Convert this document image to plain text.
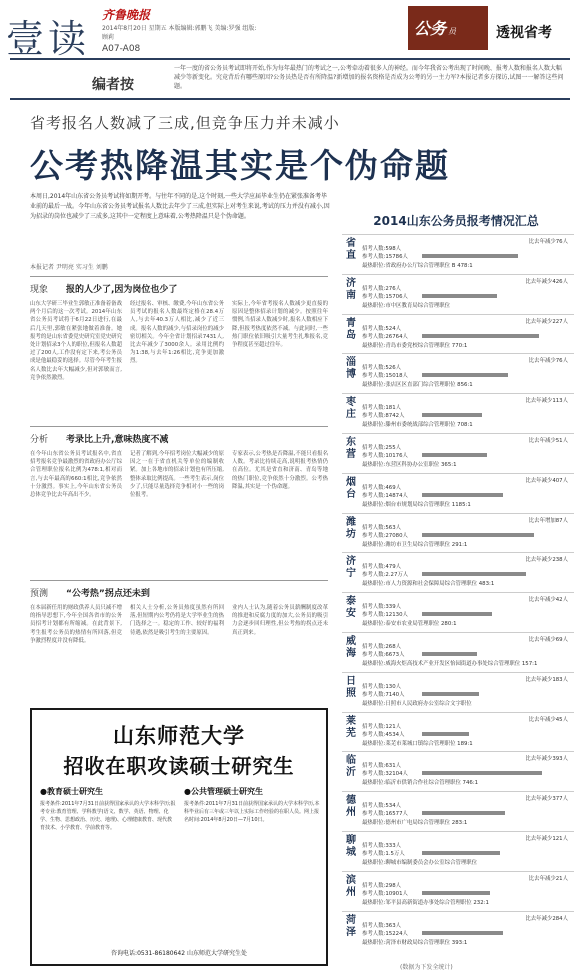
壹读
齐鲁晚报
2014年8月20日 星期五 本版编辑:郭鹏飞 美编:罗强 组版:顾莉
A07-A08
公务 员	透视省考
编者按
一年一度的省公务员考试即将开始,作为每年最热门的考试之一,公考牵动着很多人的神经。而今年我省公考出现了时间晚、报考人数和报名人数大幅减少等新变化。究竟背后有哪些原因?公务员热是否有所降温?新增加的报名资格是否成为公考的另一主力军?本报记者多方探访,试图一一解答这些问题。
省考报名人数减了三成,但竞争压力并未减小
公考热降温其实是个伪命题
本周日,2014年山东省公务员考试将如期开考。与往年不同的是,这个时刻,一些大学应届毕业生仍在紧张准备考毕业前的最后一战。今年山东省公务员考试报名人数比去年少了三成,但实际上对考生来说,考试的压力并没有减小,因为招录的岗位也减少了三成多,这其中一定程度上意味着,公考热降温只是个伪命题。
本报记者 尹明亮 实习生 刘鹏
现象 报的人少了,因为岗位也少了
山东大学研三毕业生郭敏正准备着备战两个月后的这一次考试。2014年山东省公务员考试将于6月22日进行,在最后几天里,郭敏在紧张地做着准备。她报考的是山东省委党史研究室党史研究处计划招录3个人的职位,但报名人数超过了200人,工作没有定下来,考公务员成是他最稳妥的选择。尽管今年考生报名人数比去年大幅减少,但对郭敏而言,竞争依然激烈。
经过报名、审核、缴费,今年山东省公务员考试的报名人数最终定格在28.4万人,与去年40.3万人相比,减少了近三成。报名人数的减少,与招录岗位的减少密切相关。今年全省计划招录7431人,比去年减少了3000余人。录用比例约为1:38,与去年1:26相比,竞争更加激烈。
实际上,今年省考报名人数减少更直接的原因是整体招录计划的减少。按照往年惯例,当招录人数减少时,报名人数相应下降,但报考热度依然不减。与此同时,一些热门职位依旧吸引大量考生扎堆报名,竞争程度甚至超过往年。
分析 考录比上升,意味热度不减
在今年山东省公务员考试报名中,省直招考报名竞争最激烈的省政府办公厅综合管理职位报名比例为478:1,相对而言,与去年最高的660:1相比,竞争依然十分激烈。事实上,今年山东省公务员总体竞争比去年高出不少。
记者了解到,今年招考岗位大幅减少的原因之一在于省直机关等单位的编制收紧。加上各地市的招录计划也有所压缩,整体录取比例提高。一些考生表示,岗位少了,只能尽量选择竞争相对小一些的岗位报考。
专家表示,公考热是否降温,不能只看报名人数。考录比持续走高,说明报考热情仍在高位。尤其是省直和济南、青岛等地的热门职位,竞争依然十分激烈。公考热降温,其实是一个伪命题。
预测 “公考热”拐点还未到
在本届新任用的财政供养人员只减不增的指导思想下,今年全国各省市的公务员招考计划都有所缩减。在此背景下,考生报考公务员的热情有所回落,但竞争激烈程度并没有降低。
相关人士分析,公务员热度虽然有所回落,但短期内公考仍将是大学毕业生的热门选择之一。稳定的工作、较好的福利待遇,依然是吸引考生的主要原因。
业内人士认为,随着公务员薪酬制度改革的推进和反腐力度的加大,公务员的吸引力会逐步回归理性,但公考热的拐点还未真正到来。
山东师范大学
招收在职攻读硕士研究生
●教育硕士研究生
报考条件:2011年7月31日前获得国家承认的大学本科学历;报考专业:教育管理、学科教学(语文、数学、英语、物理、化学、生物、思想政治、历史、地理)、心理健康教育、现代教育技术、小学教育、学前教育等。
●公共管理硕士研究生
报考条件:2011年7月31日前获得国家承认的大学本科学历,本科毕业后有三年或三年以上实际工作经验的在职人员。网上报名时间:2014年8月20日—7月10日。
咨询电话:0531-86180642 山东师范大学研究生处
2014山东公务员报考情况汇总
省直
比去年减少76人
招考人数:598人
参考人数:15786人
最热职位:省政府办公厅综合管理职位 B 478:1
济南
比去年减少426人
招考人数:276人
参考人数:15706人
最热职位:市中区教育局综合管理职位
青岛
比去年减少227人
招考人数:524人
参考人数:26764人
最热职位:青岛市委党校综合管理职位 770:1
淄博
比去年减少76人
招考人数:526人
参考人数:15018人
最热职位:张店区区直部门综合管理职位 856:1
枣庄
比去年减少113人
招考人数:181人
参考人数:8742人
最热职位:滕州市委统战部综合管理职位 708:1
东营
比去年减少51人
招考人数:255人
参考人数:10176人
最热职位:东营区科协办公室职位 365:1
烟台
比去年减少407人
招考人数:469人
参考人数:14874人
最热职位:烟台市规划局综合管理职位 1185:1
潍坊
比去年增加87人
招考人数:563人
参考人数:27080人
最热职位:潍坊市卫生局综合管理职位 291:1
济宁
比去年减少238人
招考人数:479人
参考人数:2.27万人
最热职位:市人力资源和社会保障局综合管理职位 483:1
泰安
比去年减少42人
招考人数:339人
参考人数:12130人
最热职位:泰安市农业局管理职位 280:1
威海
比去年减少69人
招考人数:268人
参考人数:6673人
最热职位:威海火炬高技术产业开发区怡园街道办事处综合管理职位 157:1
日照
比去年减少183人
招考人数:130人
参考人数:7140人
最热职位:日照市人民政府办公室综合文字职位
莱芜
比去年减少45人
招考人数:121人
参考人数:4534人
最热职位:莱芜市莱城口镇综合管理职位 189:1
临沂
比去年减少393人
招考人数:631人
参考人数:32104人
最热职位:临沂市供销合作社综合管理职位 746:1
德州
比去年减少377人
招考人数:534人
参考人数:16577人
最热职位:德州市广电局综合管理职位 283:1
聊城
比去年减少121人
招考人数:333人
参考人数:1.5万人
最热职位:聊城市编制委员会办公室综合管理职位
滨州
比去年减少21人
招考人数:298人
参考人数:10901人
最热职位:邹平县高新街道办事处综合管理职位 232:1
菏泽
比去年减少284人
招考人数:363人
参考人数:15224人
最热职位:菏泽市财政局综合管理职位 393:1
(数据为下发全统计)
